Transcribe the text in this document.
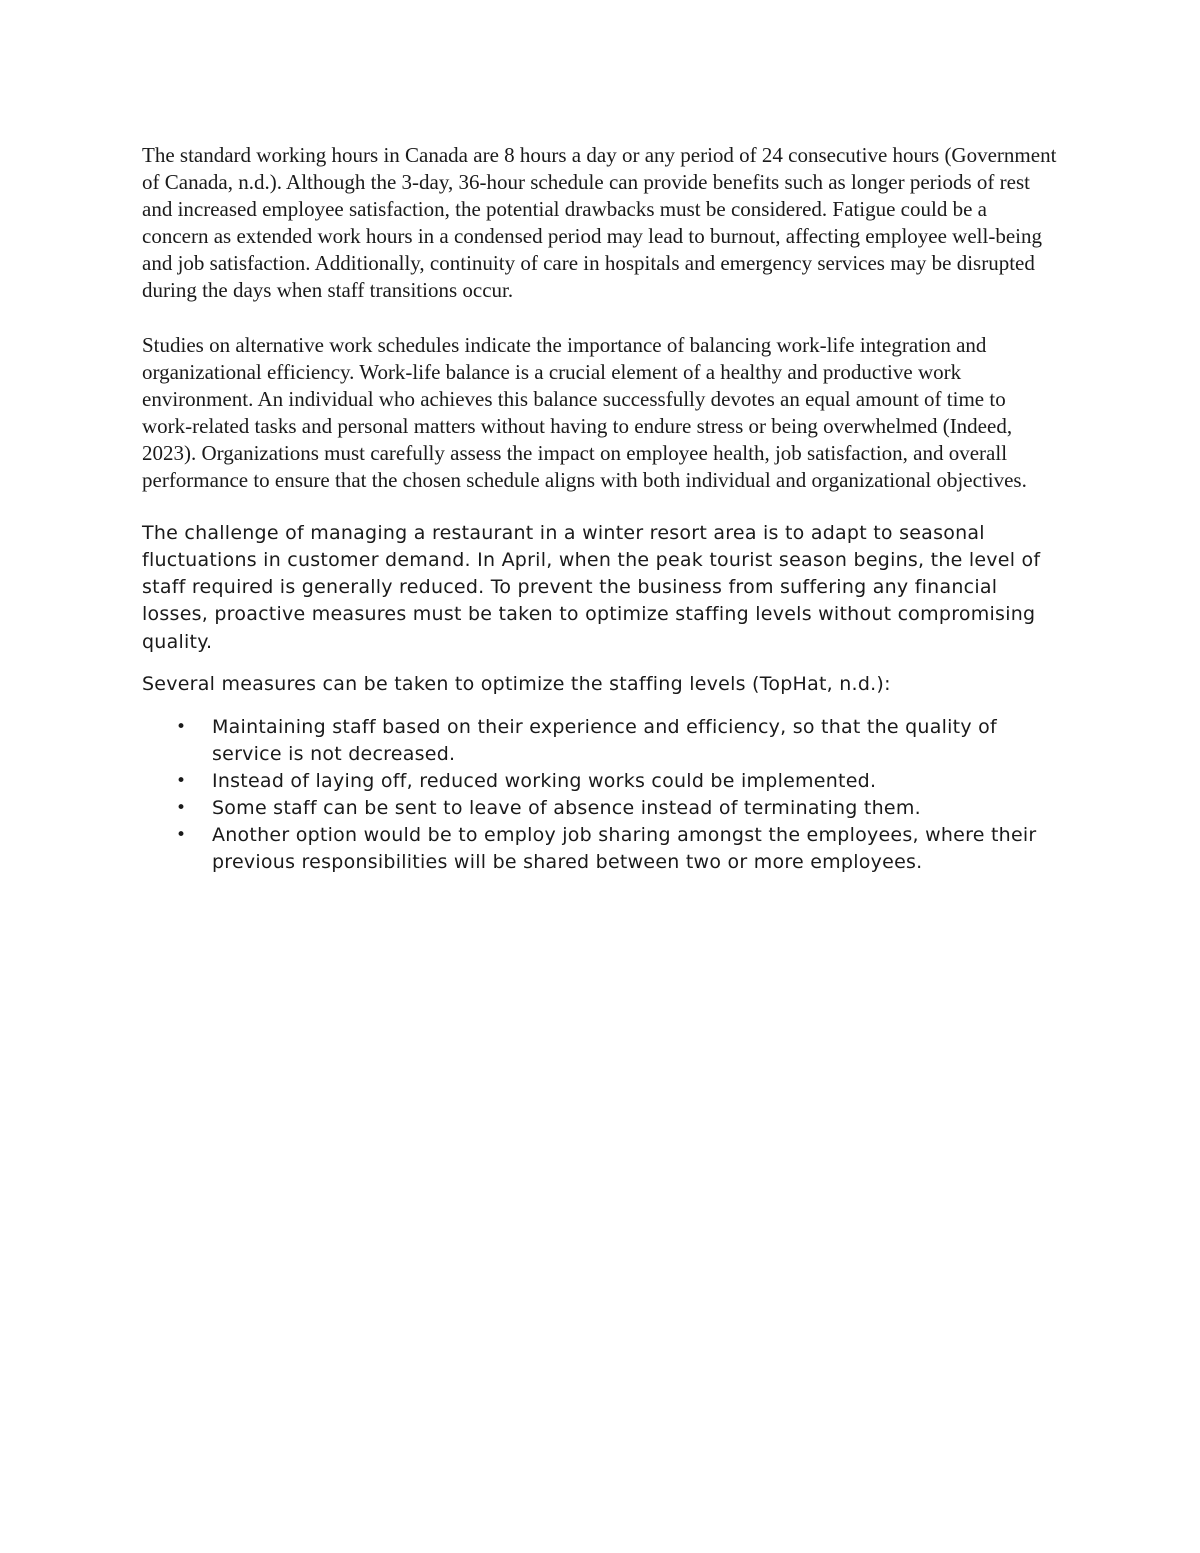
The standard working hours in Canada are 8 hours a day or any period of 24 consecutive hours (Government of Canada, n.d.). Although the 3-day, 36-hour schedule can provide benefits such as longer periods of rest and increased employee satisfaction, the potential drawbacks must be considered. Fatigue could be a concern as extended work hours in a condensed period may lead to burnout, affecting employee well-being and job satisfaction. Additionally, continuity of care in hospitals and emergency services may be disrupted during the days when staff transitions occur.

Studies on alternative work schedules indicate the importance of balancing work-life integration and organizational efficiency. Work-life balance is a crucial element of a healthy and productive work environment. An individual who achieves this balance successfully devotes an equal amount of time to work-related tasks and personal matters without having to endure stress or being overwhelmed (Indeed, 2023). Organizations must carefully assess the impact on employee health, job satisfaction, and overall performance to ensure that the chosen schedule aligns with both individual and organizational objectives.

The challenge of managing a restaurant in a winter resort area is to adapt to seasonal fluctuations in customer demand. In April, when the peak tourist season begins, the level of staff required is generally reduced. To prevent the business from suffering any financial losses, proactive measures must be taken to optimize staffing levels without compromising quality.

Several measures can be taken to optimize the staffing levels (TopHat, n.d.):

• Maintaining staff based on their experience and efficiency, so that the quality of service is not decreased.
• Instead of laying off, reduced working works could be implemented.
• Some staff can be sent to leave of absence instead of terminating them.
• Another option would be to employ job sharing amongst the employees, where their previous responsibilities will be shared between two or more employees.
